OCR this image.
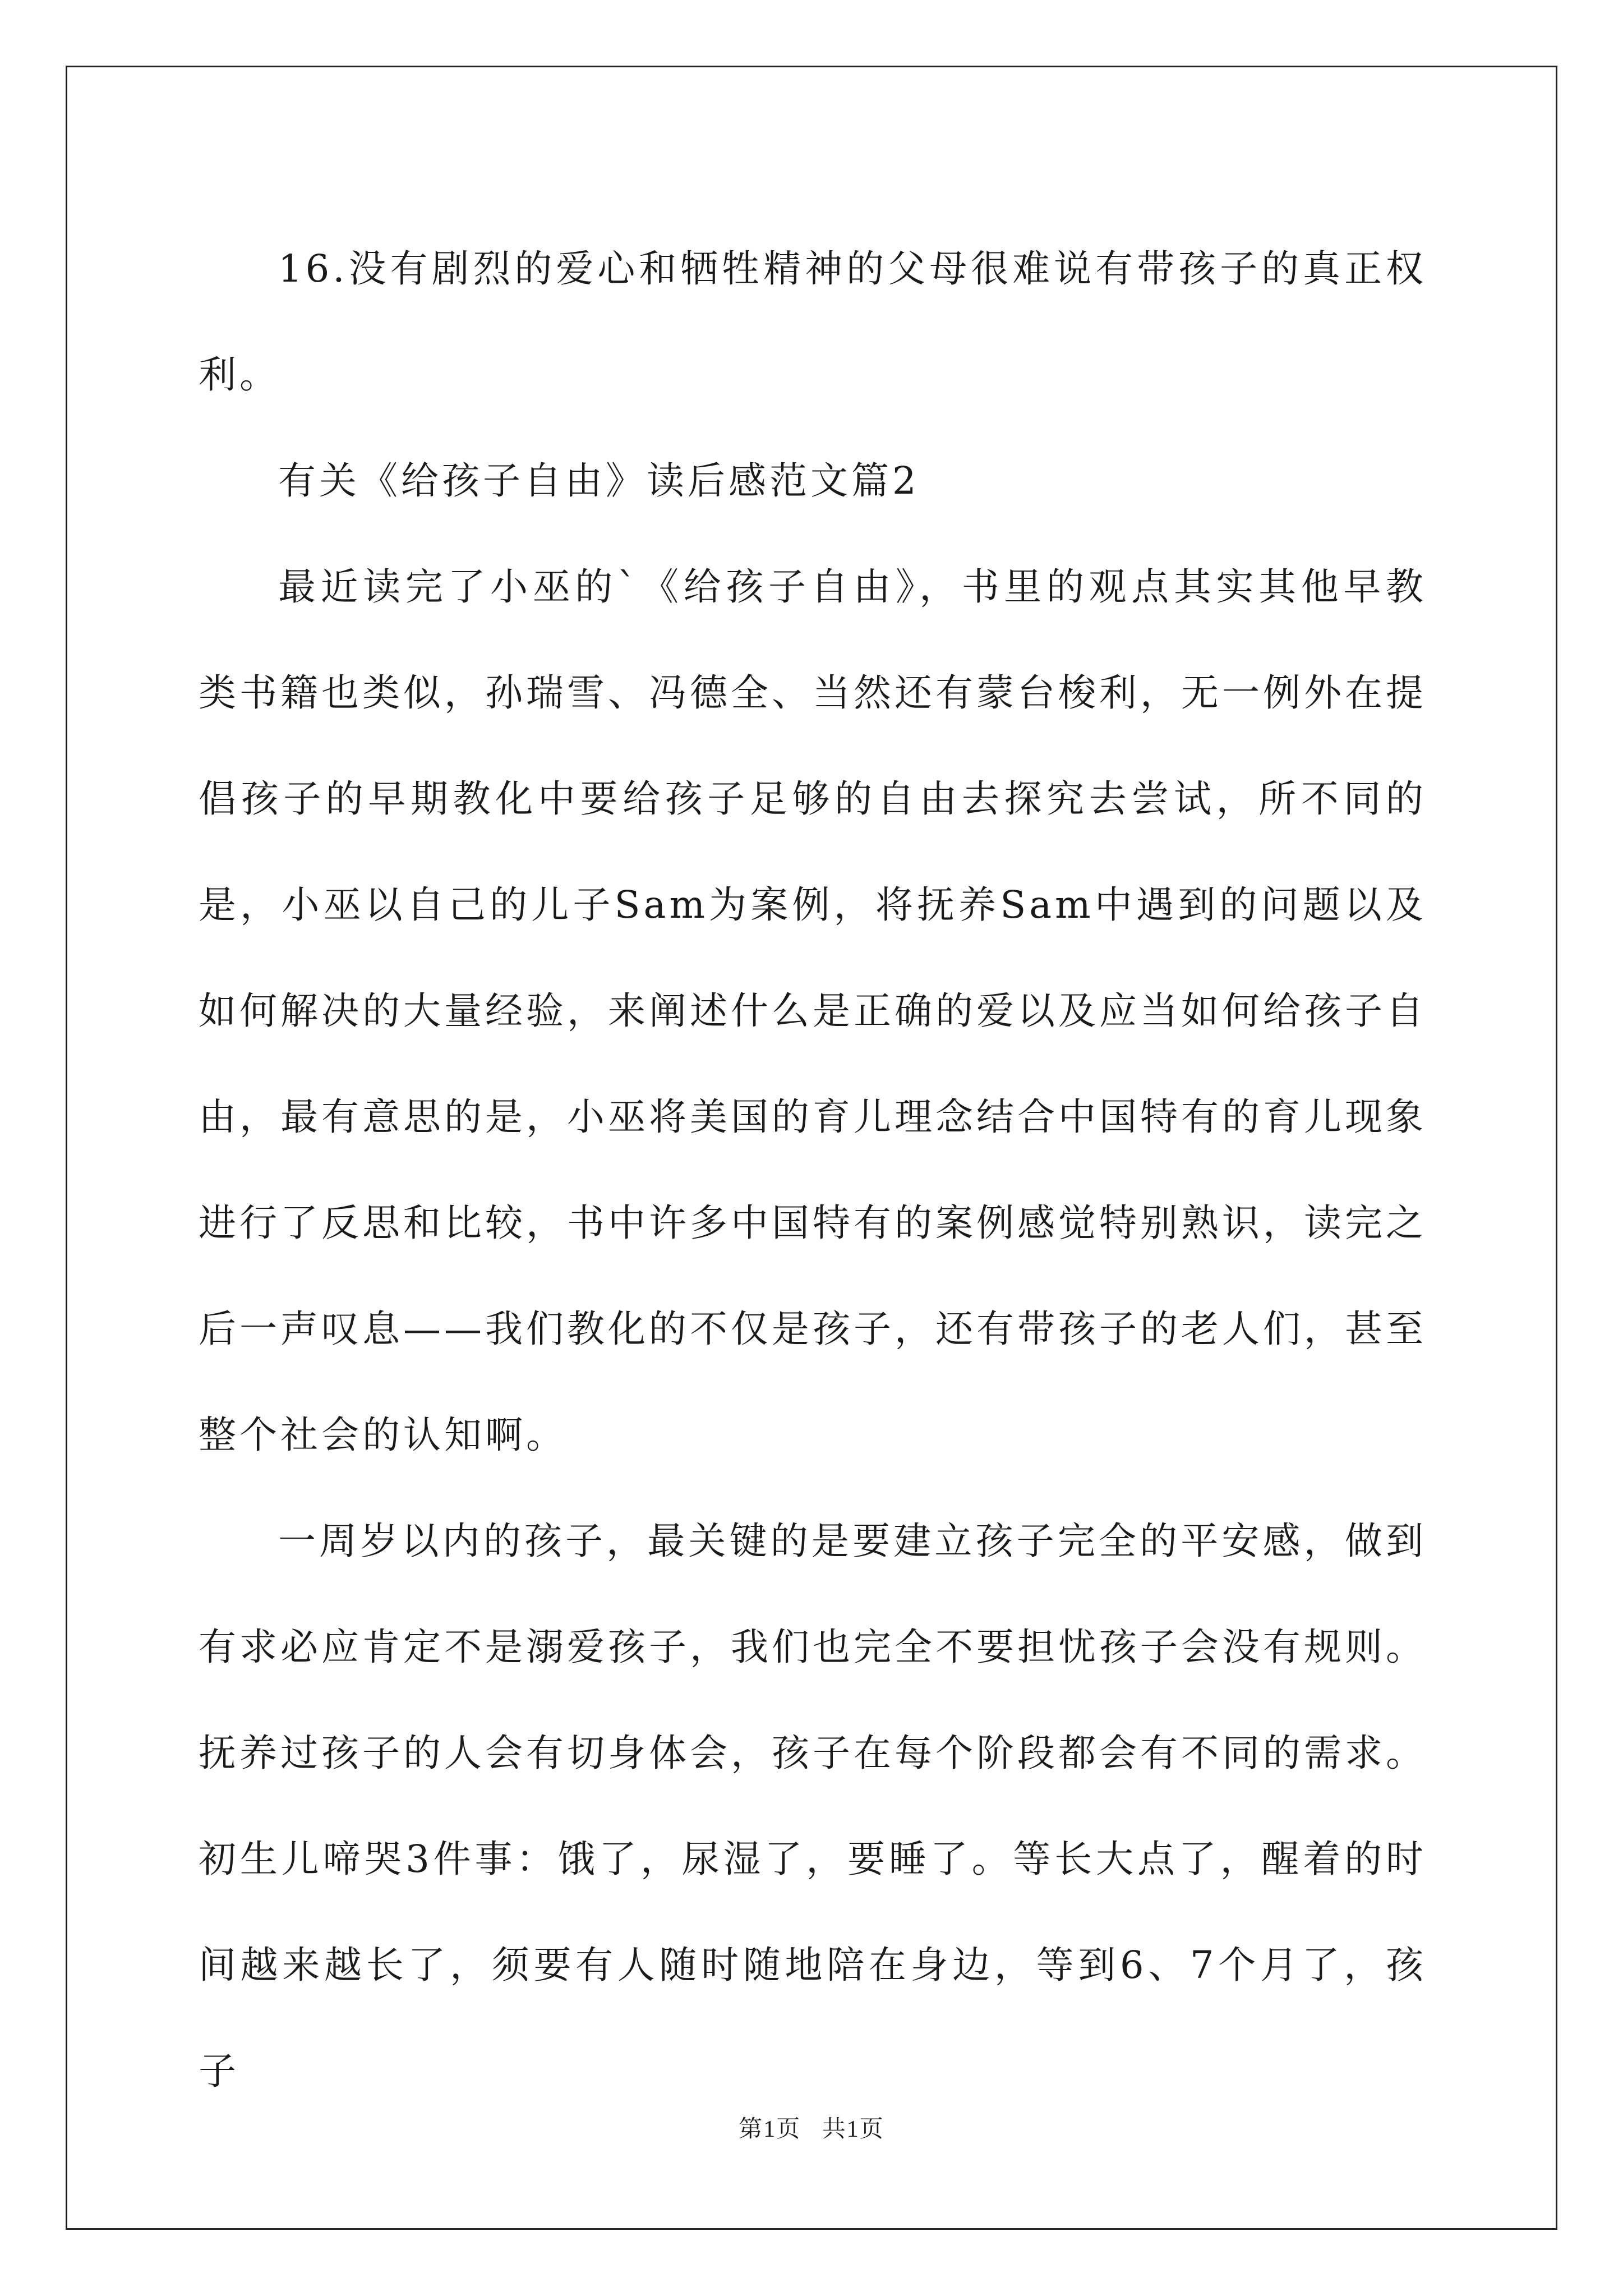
16.没有剧烈的爱心和牺牲精神的父母很难说有带孩子的真正权利。

有关《给孩子自由》读后感范文篇2

最近读完了小巫的`《给孩子自由》，书里的观点其实其他早教类书籍也类似，孙瑞雪、冯德全、当然还有蒙台梭利，无一例外在提倡孩子的早期教化中要给孩子足够的自由去探究去尝试，所不同的是，小巫以自己的儿子Sam为案例，将抚养Sam中遇到的问题以及如何解决的大量经验，来阐述什么是正确的爱以及应当如何给孩子自由，最有意思的是，小巫将美国的育儿理念结合中国特有的育儿现象进行了反思和比较，书中许多中国特有的案例感觉特别熟识，读完之后一声叹息——我们教化的不仅是孩子，还有带孩子的老人们，甚至整个社会的认知啊。

一周岁以内的孩子，最关键的是要建立孩子完全的平安感，做到有求必应肯定不是溺爱孩子，我们也完全不要担忧孩子会没有规则。抚养过孩子的人会有切身体会，孩子在每个阶段都会有不同的需求。初生儿啼哭3件事：饿了，尿湿了，要睡了。等长大点了，醒着的时间越来越长了，须要有人随时随地陪在身边，等到6、7个月了，孩子

第1页 共1页
